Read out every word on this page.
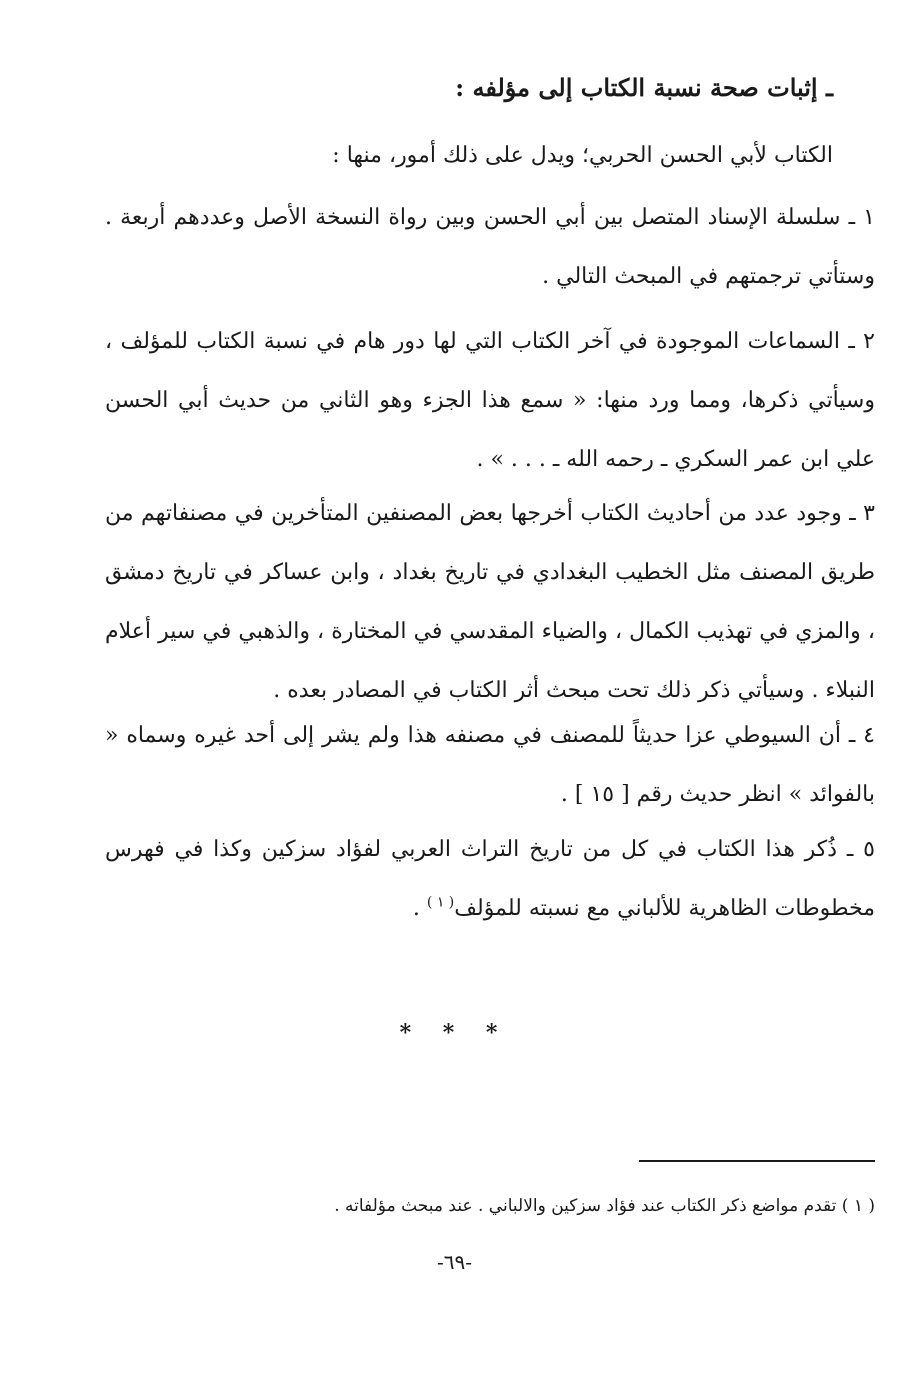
ـ إثبات صحة نسبة الكتاب إلى مؤلفه :
الكتاب لأبي الحسن الحربي؛ ويدل على ذلك أمور، منها :
١ ـ سلسلة الإسناد المتصل بين أبي الحسن وبين رواة النسخة الأصل وعددهم أربعة . وستأتي ترجمتهم في المبحث التالي .
٢ ـ السماعات الموجودة في آخر الكتاب التي لها دور هام في نسبة الكتاب للمؤلف ، وسيأتي ذكرها، ومما ورد منها: « سمع هذا الجزء وهو الثاني من حديث أبي الحسن علي ابن عمر السكري ـ رحمه الله ـ . . . » .
٣ ـ وجود عدد من أحاديث الكتاب أخرجها بعض المصنفين المتأخرين في مصنفاتهم من طريق المصنف مثل الخطيب البغدادي في تاريخ بغداد ، وابن عساكر في تاريخ دمشق ، والمزي في تهذيب الكمال ، والضياء المقدسي في المختارة ، والذهبي في سير أعلام النبلاء . وسيأتي ذكر ذلك تحت مبحث أثر الكتاب في المصادر بعده .
٤ ـ أن السيوطي عزا حديثاً للمصنف في مصنفه هذا ولم يشر إلى أحد غيره وسماه « بالفوائد » انظر حديث رقم [ ١٥ ] .
٥ ـ ذُكر هذا الكتاب في كل من تاريخ التراث العربي لفؤاد سزكين وكذا في فهرس مخطوطات الظاهرية للألباني مع نسبته للمؤلف$^{( ١ )}$ .
* * *
( ١ ) تقدم مواضع ذكر الكتاب عند فؤاد سزكين والالباني . عند مبحث مؤلفاته .
-٦٩-
